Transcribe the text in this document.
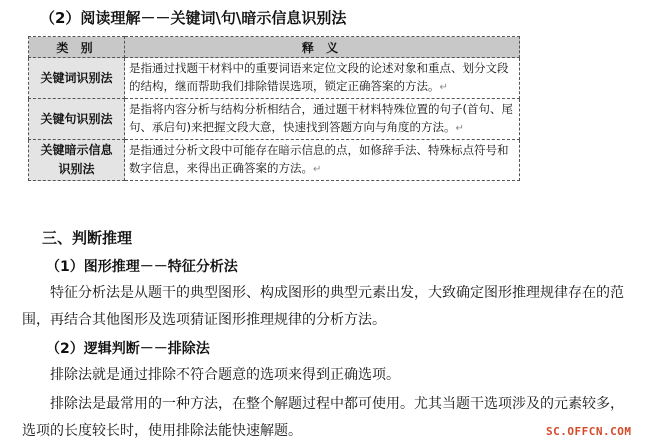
（2）阅读理解－－关键词\句\暗示信息识别法
类 别	释 义
关键词识别法	是指通过找题干材料中的重要词语来定位文段的论述对象和重点、划分文段的结构，继而帮助我们排除错误选项，锁定正确答案的方法。↵
关键句识别法	是指将内容分析与结构分析相结合，通过题干材料特殊位置的句子(首句、尾句、承启句)来把握文段大意，快速找到答题方向与角度的方法。↵
关键暗示信息识别法	是指通过分析文段中可能存在暗示信息的点，如修辞手法、特殊标点符号和数字信息，来得出正确答案的方法。↵
三、判断推理
（1）图形推理－－特征分析法
特征分析法是从题干的典型图形、构成图形的典型元素出发，大致确定图形推理规律存在的范围，再结合其他图形及选项猜证图形推理规律的分析方法。
（2）逻辑判断－－排除法
排除法就是通过排除不符合题意的选项来得到正确选项。
排除法是最常用的一种方法，在整个解题过程中都可使用。尤其当题干选项涉及的元素较多，选项的长度较长时，使用排除法能快速解题。	SC.OFFCN.COM
